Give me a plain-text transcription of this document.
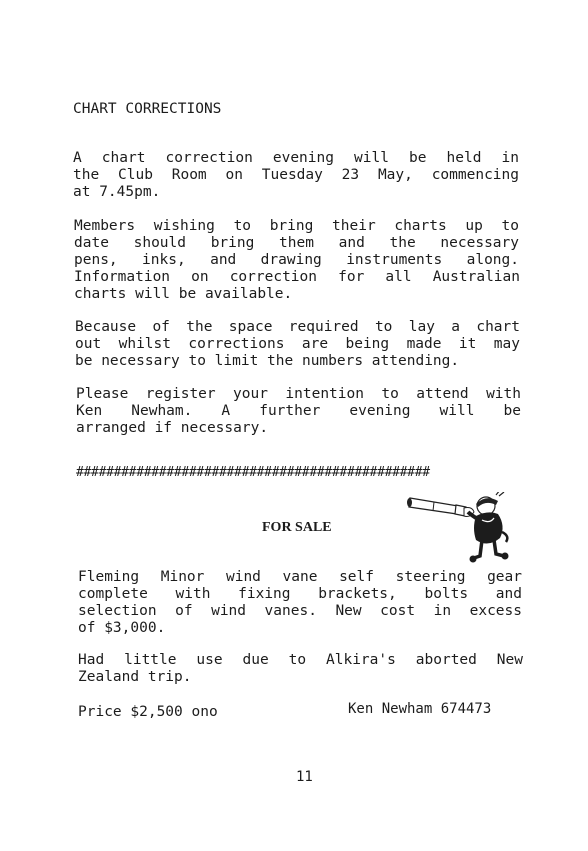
CHART CORRECTIONS
A chart correction evening will be held in
the Club Room on Tuesday 23 May, commencing
at 7.45pm.
Members wishing to bring their charts up to
date should bring them and the necessary
pens, inks, and drawing instruments along.
Information on correction for all Australian
charts will be available.
Because of the space required to lay a chart
out whilst corrections are being made it may
be necessary to limit the numbers attending.
Please register your intention to attend with
Ken Newham. A further evening will be
arranged if necessary.
###############################################
FOR SALE
Fleming Minor wind vane self steering gear
complete with fixing brackets, bolts and
selection of wind vanes. New cost in excess
of $3,000.
Had little use due to Alkira's aborted New
Zealand trip.
Price $2,500 ono	Ken Newham 674473
11
